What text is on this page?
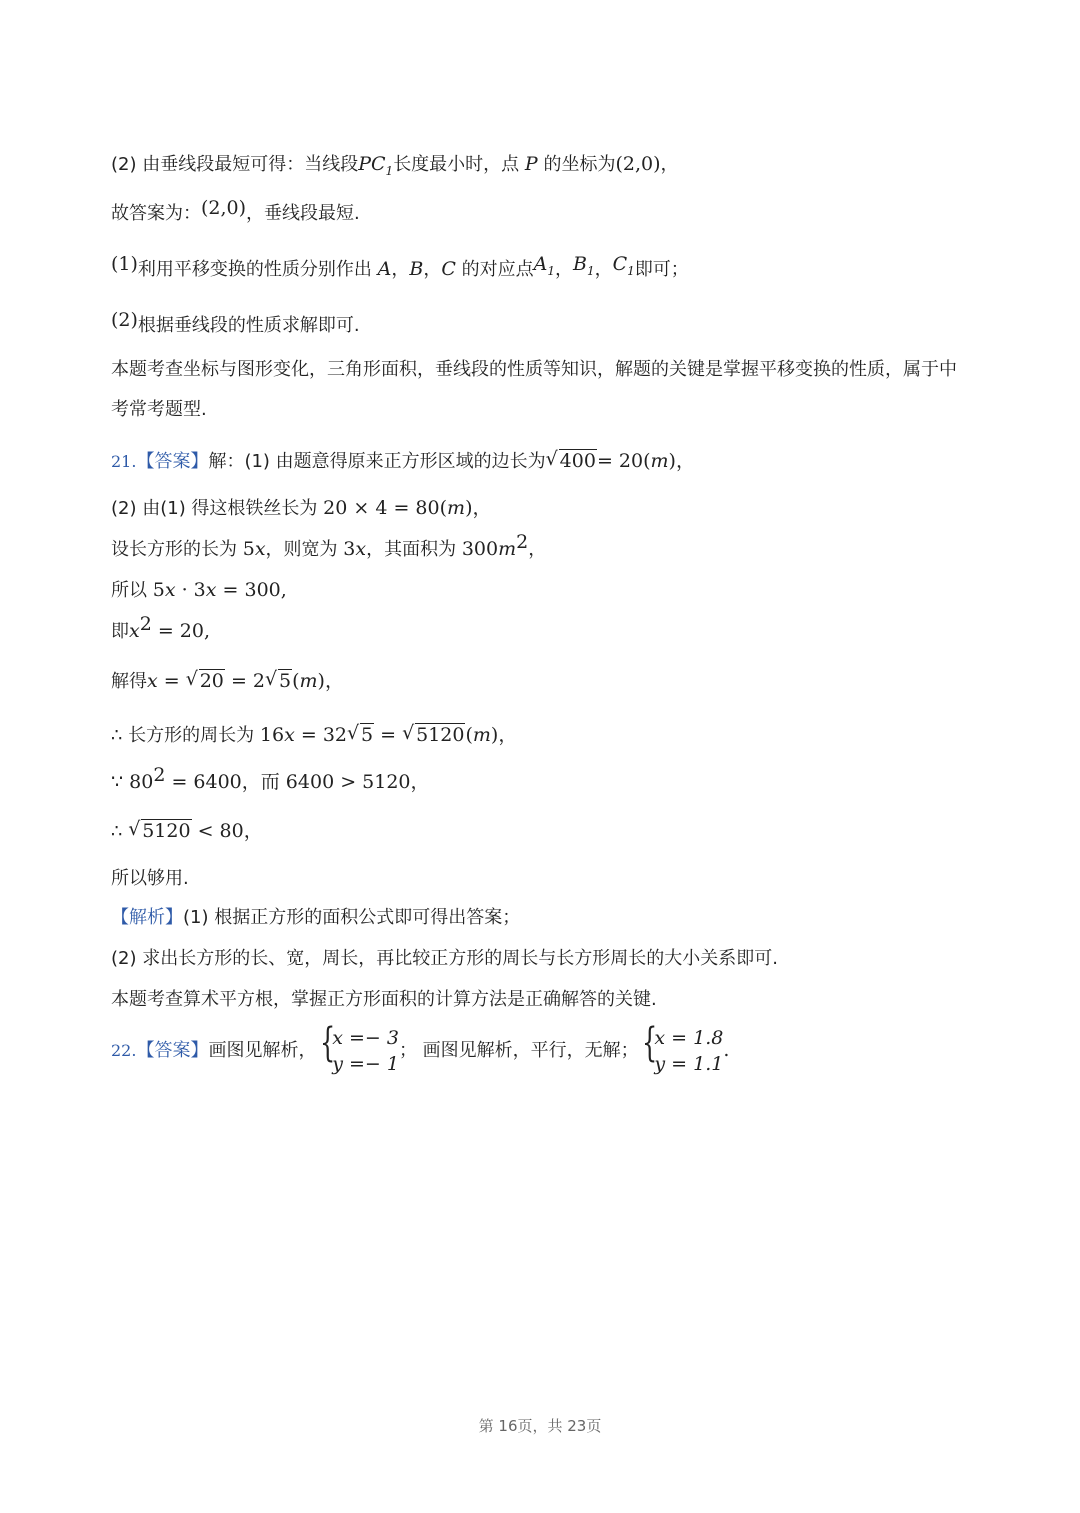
(2) 由垂线段最短可得：当线段$PC_1$长度最小时，点 P 的坐标为(2,0)，
故答案为：(2,0)，垂线段最短.
(1)利用平移变换的性质分别作出 A，B，C 的对应点$A_1$，$B_1$，$C_1$即可；
(2)根据垂线段的性质求解即可.
本题考查坐标与图形变化，三角形面积，垂线段的性质等知识，解题的关键是掌握平移变换的性质，属于中
考常考题型.
21.【答案】解：(1) 由题意得原来正方形区域的边长为 √ 400= 20(m)，
(2) 由(1) 得这根铁丝长为 20 × 4 = 80(m)，
设长方形的长为 5x，则宽为 3x，其面积为 $300m^2$，
所以 5x · 3x = 300,
即$x^2 = 20$,
解得x = √ 20 = 2 √ 5(m)，
∴ 长方形的周长为 16x = 32 √ 5 = √ 5120(m)，
∵ $80^2 = 6400$，而 6400 > 5120，
∴ √ 5120 < 80，
所以够用.
【解析】(1) 根据正方形的面积公式即可得出答案；
(2) 求出长方形的长、宽，周长，再比较正方形的周长与长方形周长的大小关系即可.
本题考查算术平方根，掌握正方形面积的计算方法是正确解答的关键.
22.【答案】画图见解析，
{ x =− 3
y =− 1
； 画图见解析，平行，无解；
{ x = 1.8
y = 1.1
.
第 16页，共 23页
